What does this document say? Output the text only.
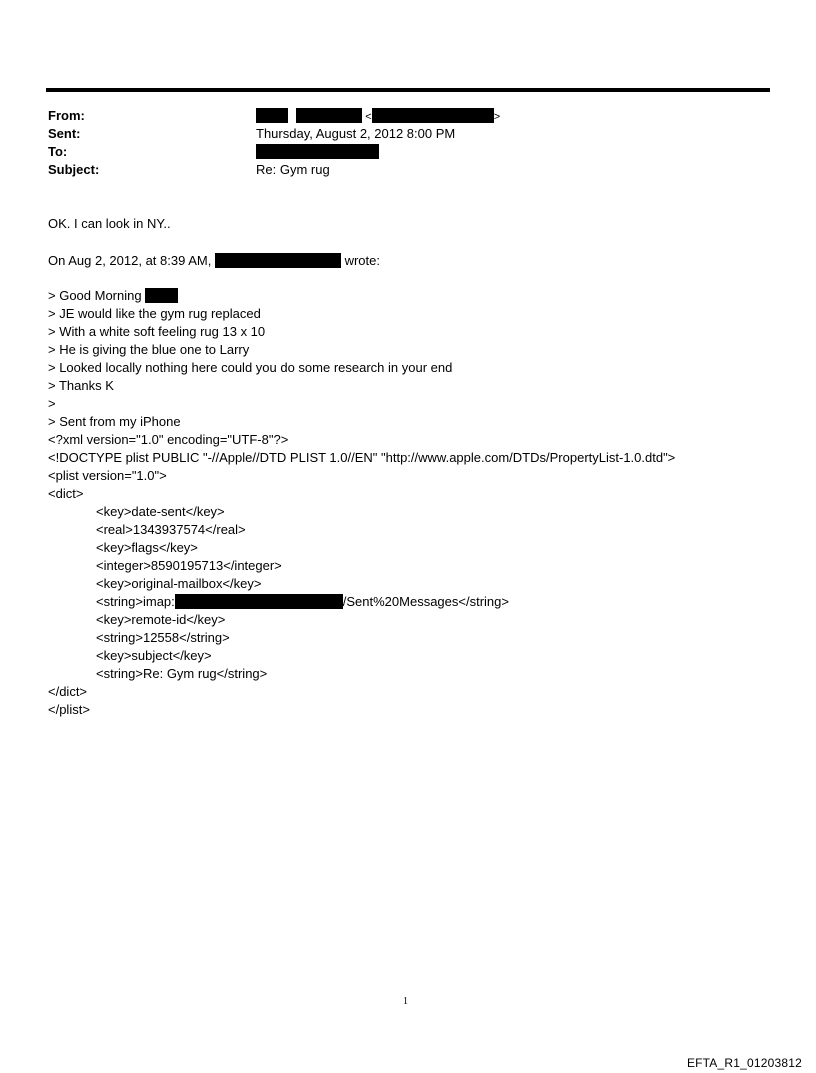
From:	<	>
Sent:	Thursday, August 2, 2012 8:00 PM
To:
Subject:	Re: Gym rug
OK. I can look in NY..
On Aug 2, 2012, at 8:39 AM,	wrote:
> Good Morning
> JE would like the gym rug replaced
> With a white soft feeling rug 13 x 10
> He is giving the blue one to Larry
> Looked locally nothing here could you do some research in your end
> Thanks K
>
> Sent from my iPhone
<?xml version="1.0" encoding="UTF-8"?>
<!DOCTYPE plist PUBLIC "-//Apple//DTD PLIST 1.0//EN" "http://www.apple.com/DTDs/PropertyList-1.0.dtd">
<plist version="1.0">
<dict>
<key>date-sent</key>
<real>1343937574</real>
<key>flags</key>
<integer>8590195713</integer>
<key>original-mailbox</key>
<string>imap:	/Sent%20Messages</string>
<key>remote-id</key>
<string>12558</string>
<key>subject</key>
<string>Re: Gym rug</string>
</dict>
</plist>
1
EFTA_R1_01203812
